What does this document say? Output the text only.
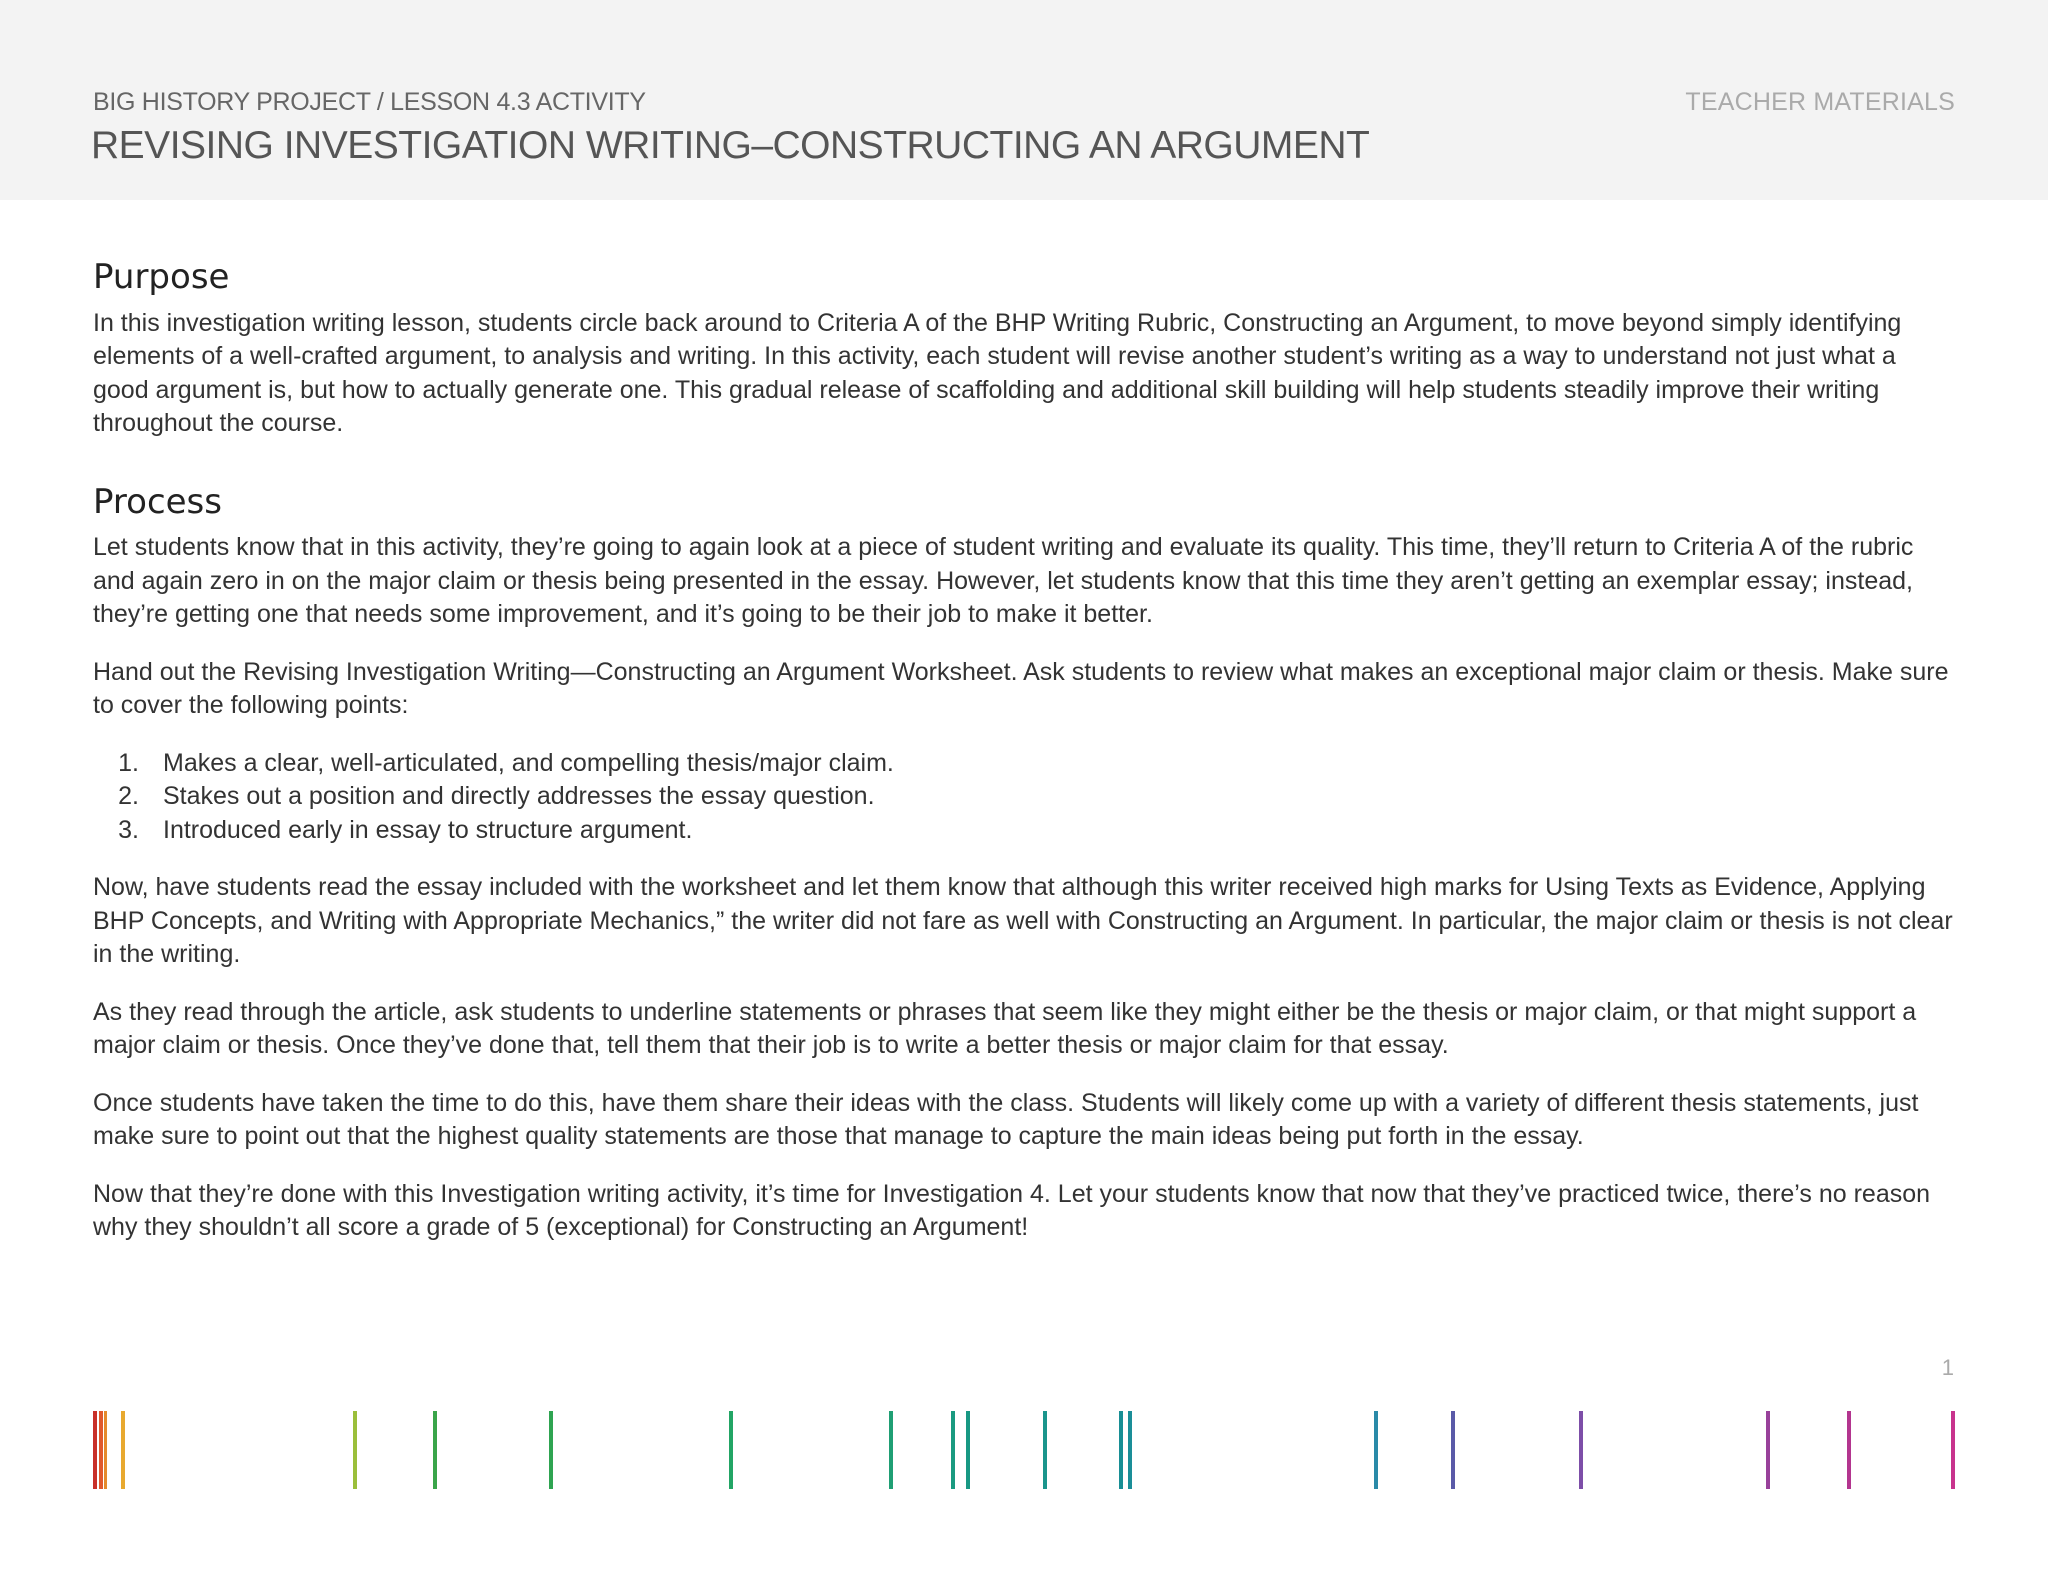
BIG HISTORY PROJECT / LESSON 4.3 ACTIVITY	TEACHER MATERIALS
REVISING INVESTIGATION WRITING–CONSTRUCTING AN ARGUMENT
Purpose

In this investigation writing lesson, students circle back around to Criteria A of the BHP Writing Rubric, Constructing an Argument, to move beyond simply identifying elements of a well-crafted argument, to analysis and writing. In this activity, each student will revise another student’s writing as a way to understand not just what a good argument is, but how to actually generate one. This gradual release of scaffolding and additional skill building will help students steadily improve their writing throughout the course.

Process

Let students know that in this activity, they’re going to again look at a piece of student writing and evaluate its quality. This time, they’ll return to Criteria A of the rubric and again zero in on the major claim or thesis being presented in the essay. However, let students know that this time they aren’t getting an exemplar essay; instead, they’re getting one that needs some improvement, and it’s going to be their job to make it better.

Hand out the Revising Investigation Writing—Constructing an Argument Worksheet. Ask students to review what makes an exceptional major claim or thesis. Make sure to cover the following points:

1. Makes a clear, well-articulated, and compelling thesis/major claim.
2. Stakes out a position and directly addresses the essay question.
3. Introduced early in essay to structure argument.

Now, have students read the essay included with the worksheet and let them know that although this writer received high marks for Using Texts as Evidence, Applying BHP Concepts, and Writing with Appropriate Mechanics,” the writer did not fare as well with Constructing an Argument. In particular, the major claim or thesis is not clear in the writing.

As they read through the article, ask students to underline statements or phrases that seem like they might either be the thesis or major claim, or that might support a major claim or thesis. Once they’ve done that, tell them that their job is to write a better thesis or major claim for that essay.

Once students have taken the time to do this, have them share their ideas with the class. Students will likely come up with a variety of different thesis statements, just make sure to point out that the highest quality statements are those that manage to capture the main ideas being put forth in the essay.

Now that they’re done with this Investigation writing activity, it’s time for Investigation 4. Let your students know that now that they’ve practiced twice, there’s no reason why they shouldn’t all score a grade of 5 (exceptional) for Constructing an Argument!

1
